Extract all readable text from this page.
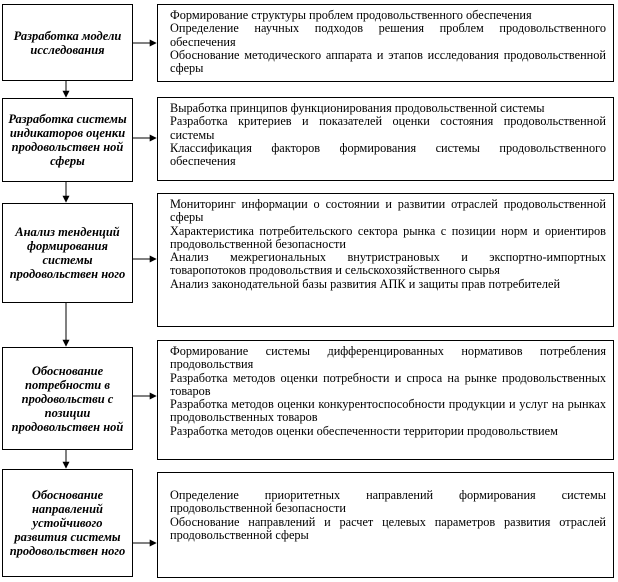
Разработка модели исследования

Формирование структуры проблем продовольственного обеспечения

Определение научных подходов решения проблем продовольственного обеспечения

Обоснование методического аппарата и этапов исследования продовольственной сферы

Разработка системы индикаторов оценки продовольствен ной сферы

Выработка принципов функционирования продовольственной системы

Разработка критериев и показателей оценки состояния продовольственной системы

Классификация факторов формирования системы продовольственного обеспечения

Анализ тенденций формирования системы продовольствен ного

Мониторинг информации о состоянии и развитии отраслей продовольственной сферы

Характеристика потребительского сектора рынка с позиции норм и ориентиров продовольственной безопасности

Анализ межрегиональных внутристрановых и экспортно-импортных товаропотоков продовольствия и сельскохозяйственного сырья

Анализ законодательной базы развития АПК и защиты прав потребителей

Обоснование потребности в продовольстви с позиции продовольствен ной

Формирование системы дифференцированных нормативов потребления продовольствия

Разработка методов оценки потребности и спроса на рынке продовольственных товаров

Разработка методов оценки конкурентоспособности продукции и услуг на рынках продовольственных товаров

Разработка методов оценки обеспеченности территории продовольствием

Обоснование направлений устойчивого развития системы продовольствен ного

Определение приоритетных направлений формирования системы продовольственной безопасности

Обоснование направлений и расчет целевых параметров развития отраслей продовольственной сферы
